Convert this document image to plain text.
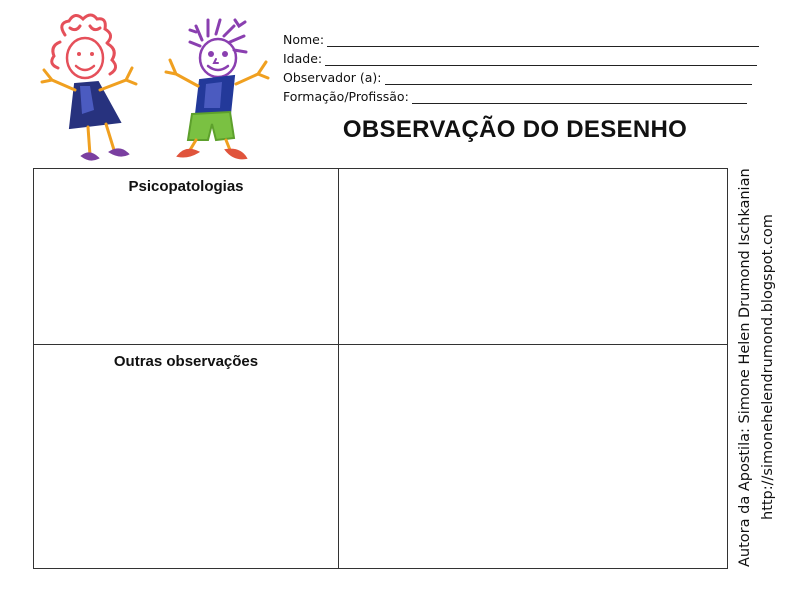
Nome:
Idade:
Observador (a):
Formação/Profissão:
OBSERVAÇÃO DO DESENHO
Psicopatologias
Outras observações	Autora da Apostila: Simone Helen Drumond Ischkanian http://simonehelendrumond.blogspot.com
